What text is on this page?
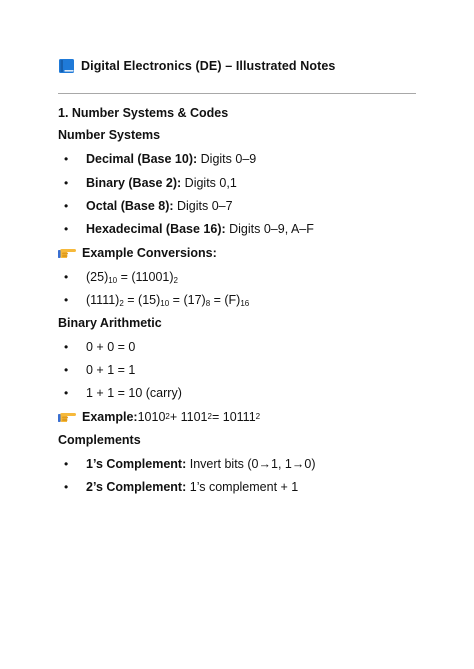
Digital Electronics (DE) – Illustrated Notes
1. Number Systems & Codes
Number Systems
• Decimal (Base 10): Digits 0–9
• Binary (Base 2): Digits 0,1
• Octal (Base 8): Digits 0–7
• Hexadecimal (Base 16): Digits 0–9, A–F
Example Conversions:
• $(25)_{10} = (11001)_2$
• $(1111)_2 = (15)_{10} = (17)_8 = (F)_{16}$
Binary Arithmetic
• 0 + 0 = 0
• 0 + 1 = 1
• 1 + 1 = 10 (carry)
Example: 1010 2 + 1101 2 = 10111 2
Complements
• 1’s Complement: Invert bits (0→1, 1→0)
• 2’s Complement: 1’s complement + 1
